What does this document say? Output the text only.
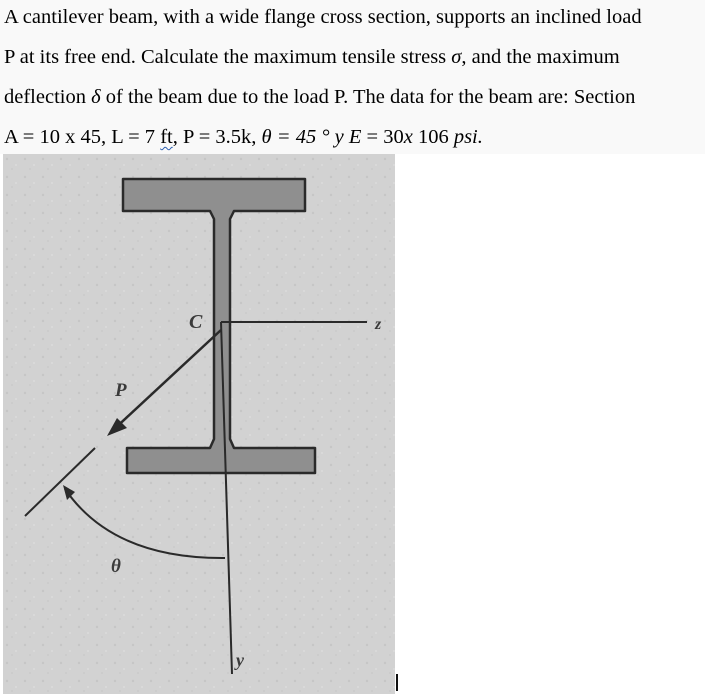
A cantilever beam, with a wide flange cross section, supports an inclined load
P at its free end. Calculate the maximum tensile stress σ, and the maximum
deflection δ of the beam due to the load P. The data for the beam are: Section
A = 10 x 45, L = 7 ft, P = 3.5k, θ = 45 ° y E = 30x 106 psi.
C	z
P
θ
y
